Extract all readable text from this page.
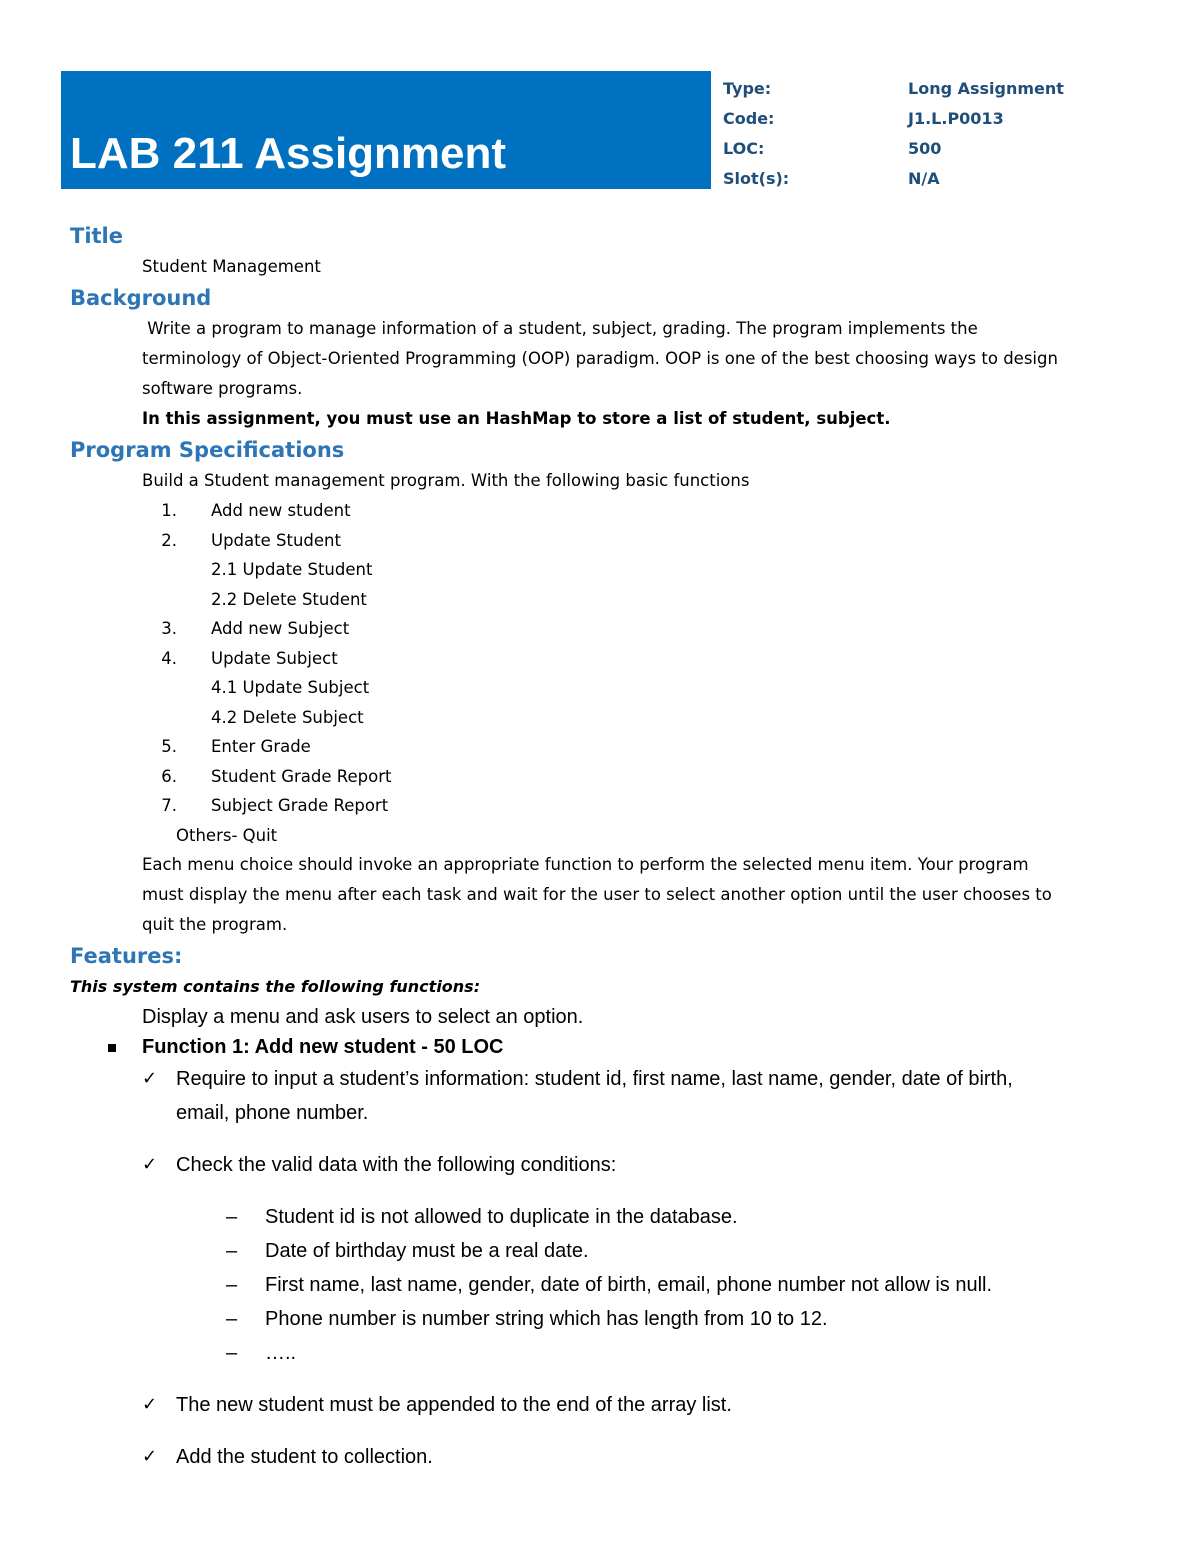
LAB 211 Assignment
Type:	Long Assignment
Code:	J1.L.P0013
LOC:	500
Slot(s):	N/A
Title
Student Management
Background
Write a program to manage information of a student, subject, grading. The program implements the
terminology of Object-Oriented Programming (OOP) paradigm. OOP is one of the best choosing ways to design
software programs.
In this assignment, you must use an HashMap to store a list of student, subject.
Program Specifications
Build a Student management program. With the following basic functions
1. Add new student
2. Update Student
2.1 Update Student
2.2 Delete Student
3. Add new Subject
4. Update Subject
4.1 Update Subject
4.2 Delete Subject
5. Enter Grade
6. Student Grade Report
7. Subject Grade Report
Others- Quit
Each menu choice should invoke an appropriate function to perform the selected menu item. Your program
must display the menu after each task and wait for the user to select another option until the user chooses to
quit the program.
Features:
This system contains the following functions:
Display a menu and ask users to select an option.
Function 1: Add new student - 50 LOC
✓ Require to input a student’s information: student id, first name, last name, gender, date of birth,
email, phone number.
✓ Check the valid data with the following conditions:
– Student id is not allowed to duplicate in the database.
– Date of birthday must be a real date.
– First name, last name, gender, date of birth, email, phone number not allow is null.
– Phone number is number string which has length from 10 to 12.
– …..
✓ The new student must be appended to the end of the array list.
✓ Add the student to collection.
